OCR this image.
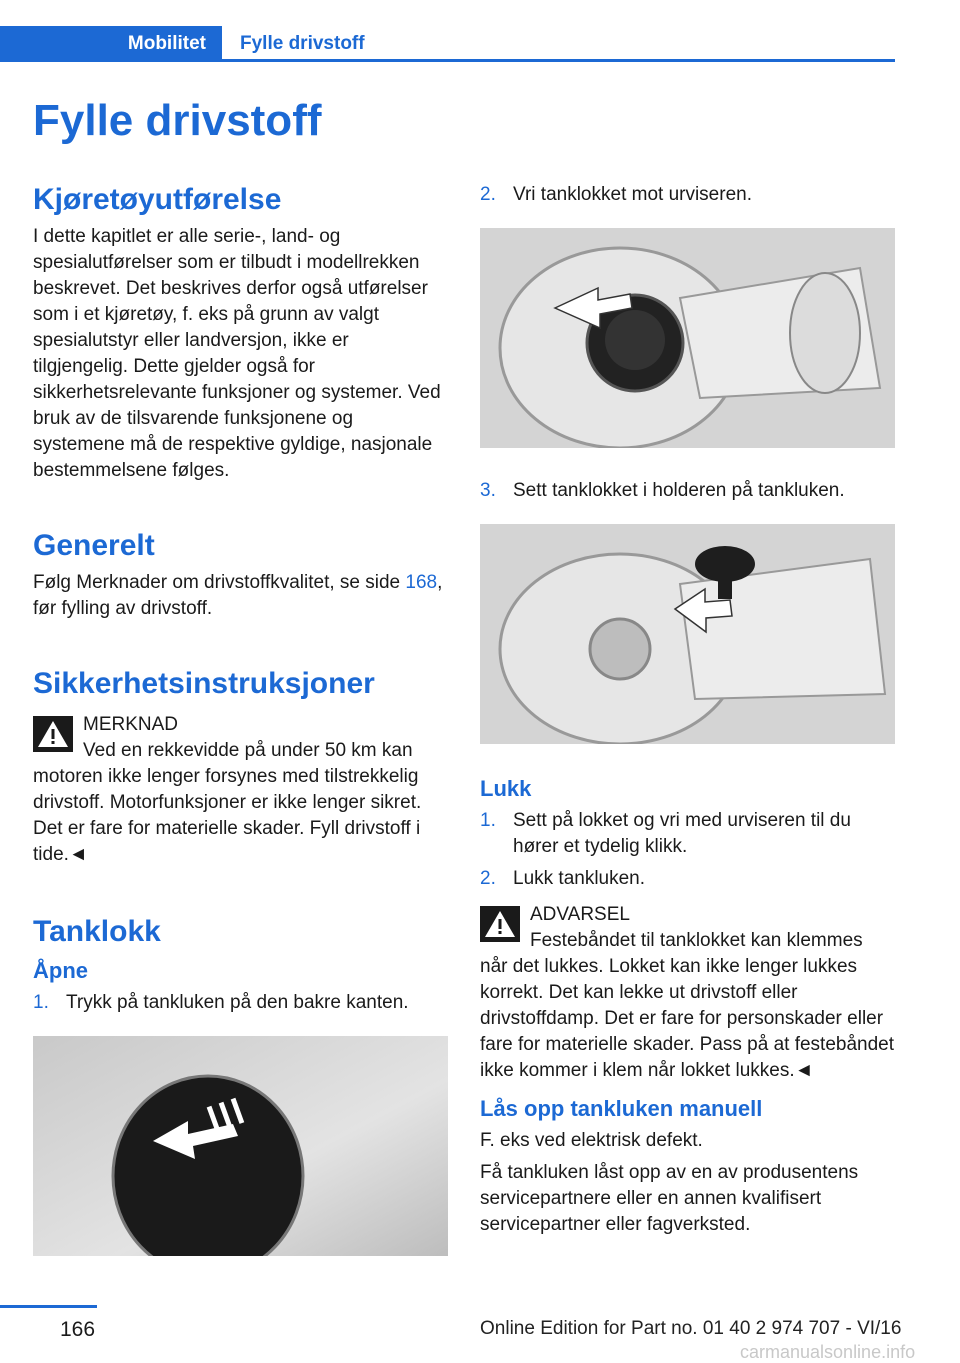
Mobilitet	Fylle drivstoff
Fylle drivstoff
Kjøretøyutførelse

I dette kapitlet er alle serie-, land- og spesialutførelser som er tilbudt i modellrekken beskrevet. Det beskrives derfor også utførelser som i et kjøretøy, f. eks på grunn av valgt spesialutstyr eller landversjon, ikke er tilgjengelig. Dette gjelder også for sikkerhetsrelevante funksjoner og systemer. Ved bruk av de tilsvarende funksjonene og systemene må de respektive gyldige, nasjonale bestemmelsene følges.

Generelt

Følg Merknader om drivstoffkvalitet, se side 168, før fylling av drivstoff.

Sikkerhetsinstruksjoner
MERKNAD
Ved en rekkevidde på under 50 km kan motoren ikke lenger forsynes med tilstrekkelig drivstoff. Motorfunksjoner er ikke lenger sikret. Det er fare for materielle skader. Fyll drivstoff i tide.◄
Tanklokk
Åpne
1. Trykk på tankluken på den bakre kanten.
2. Vri tanklokket mot urviseren.
3. Sett tanklokket i holderen på tankluken.
Lukk
1. Sett på lokket og vri med urviseren til du hører et tydelig klikk.
2. Lukk tankluken.
ADVARSEL
Festebåndet til tanklokket kan klemmes når det lukkes. Lokket kan ikke lenger lukkes korrekt. Det kan lekke ut drivstoff eller drivstoffdamp. Det er fare for personskader eller fare for materielle skader. Pass på at festebåndet ikke kommer i klem når lokket lukkes.◄
Lås opp tankluken manuell

F. eks ved elektrisk defekt.

Få tankluken låst opp av en av produsentens servicepartnere eller en annen kvalifisert servicepartner eller fagverksted.

166	Online Edition for Part no. 01 40 2 974 707 - VI/16
carmanualsonline.info
